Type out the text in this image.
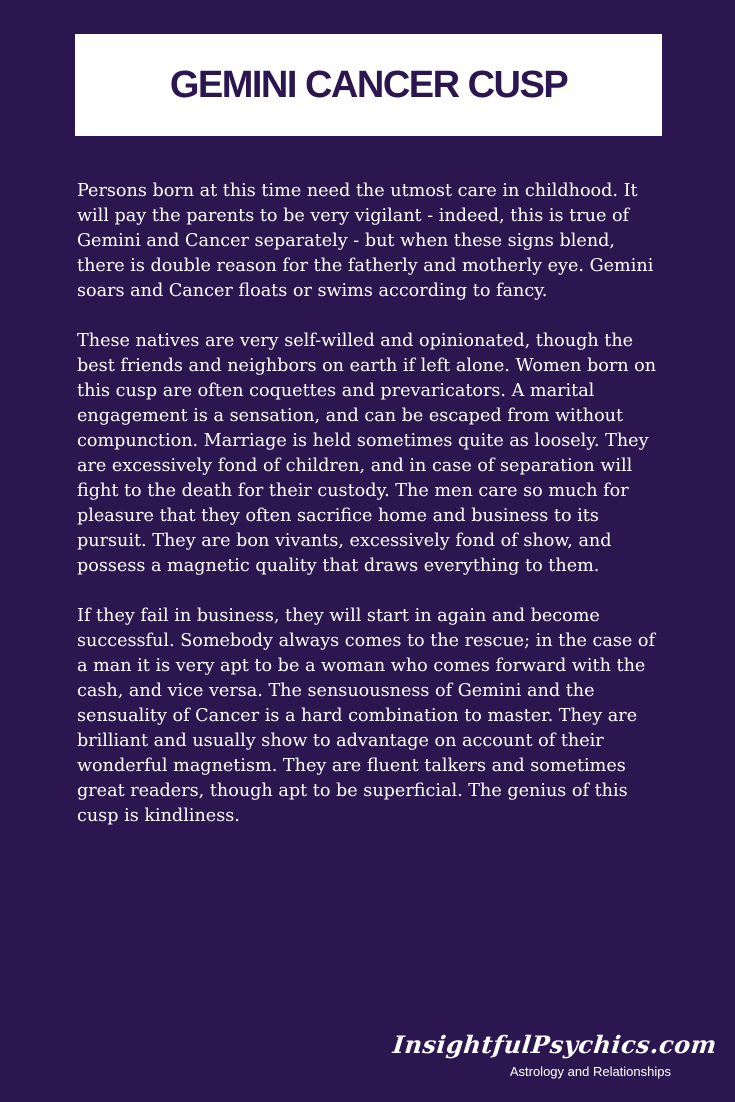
GEMINI CANCER CUSP

Persons born at this time need the utmost care in childhood. It will pay the parents to be very vigilant - indeed, this is true of Gemini and Cancer separately - but when these signs blend, there is double reason for the fatherly and motherly eye. Gemini soars and Cancer floats or swims according to fancy.

These natives are very self-willed and opinionated, though the best friends and neighbors on earth if left alone. Women born on this cusp are often coquettes and prevaricators. A marital engagement is a sensation, and can be escaped from without compunction. Marriage is held sometimes quite as loosely. They are excessively fond of children, and in case of separation will fight to the death for their custody. The men care so much for pleasure that they often sacrifice home and business to its pursuit. They are bon vivants, excessively fond of show, and possess a magnetic quality that draws everything to them.

If they fail in business, they will start in again and become successful. Somebody always comes to the rescue; in the case of a man it is very apt to be a woman who comes forward with the cash, and vice versa. The sensuousness of Gemini and the sensuality of Cancer is a hard combination to master. They are brilliant and usually show to advantage on account of their wonderful magnetism. They are fluent talkers and sometimes great readers, though apt to be superficial. The genius of this cusp is kindliness.

InsightfulPsychics.com
Astrology and Relationships
